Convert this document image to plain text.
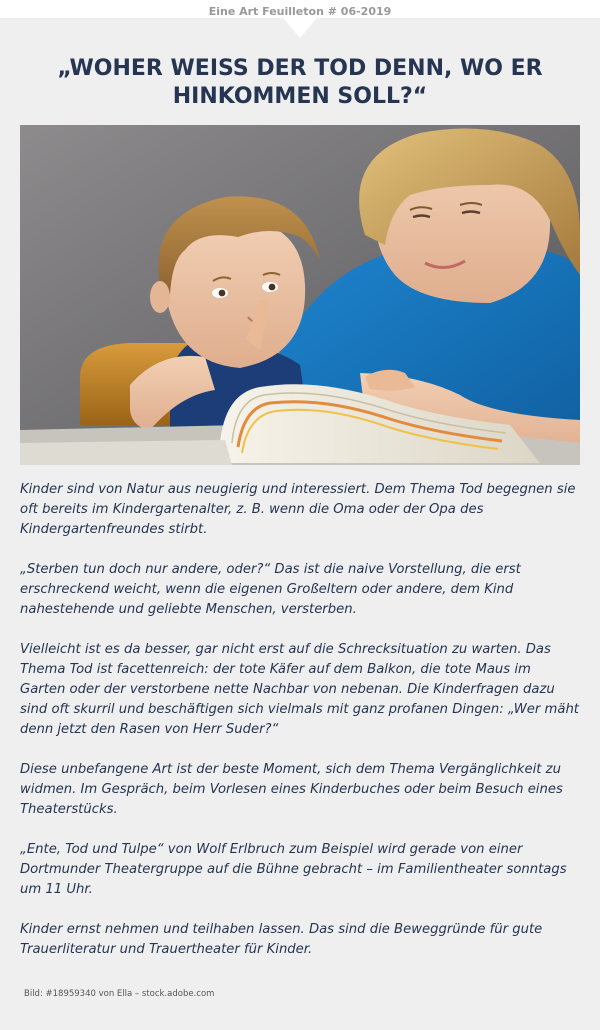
Eine Art Feuilleton # 06-2019
„WOHER WEISS DER TOD DENN, WO ER HINKOMMEN SOLL?“

Kinder sind von Natur aus neugierig und interessiert. Dem Thema Tod begegnen sie oft bereits im Kindergartenalter, z. B. wenn die Oma oder der Opa des Kindergartenfreundes stirbt.

„Sterben tun doch nur andere, oder?“ Das ist die naive Vorstellung, die erst erschreckend weicht, wenn die eigenen Großeltern oder andere, dem Kind nahestehende und geliebte Menschen, versterben.

Vielleicht ist es da besser, gar nicht erst auf die Schrecksituation zu warten. Das Thema Tod ist facettenreich: der tote Käfer auf dem Balkon, die tote Maus im Garten oder der verstorbene nette Nachbar von nebenan. Die Kinderfragen dazu sind oft skurril und beschäftigen sich vielmals mit ganz profanen Dingen: „Wer mäht denn jetzt den Rasen von Herr Suder?“

Diese unbefangene Art ist der beste Moment, sich dem Thema Vergänglichkeit zu widmen. Im Gespräch, beim Vorlesen eines Kinderbuches oder beim Besuch eines Theaterstücks.

„Ente, Tod und Tulpe“ von Wolf Erlbruch zum Beispiel wird gerade von einer Dortmunder Theatergruppe auf die Bühne gebracht – im Familientheater sonntags um 11 Uhr.

Kinder ernst nehmen und teilhaben lassen. Das sind die Beweggründe für gute Trauerliteratur und Trauertheater für Kinder.

Bild: #18959340 von Ella – stock.adobe.com
